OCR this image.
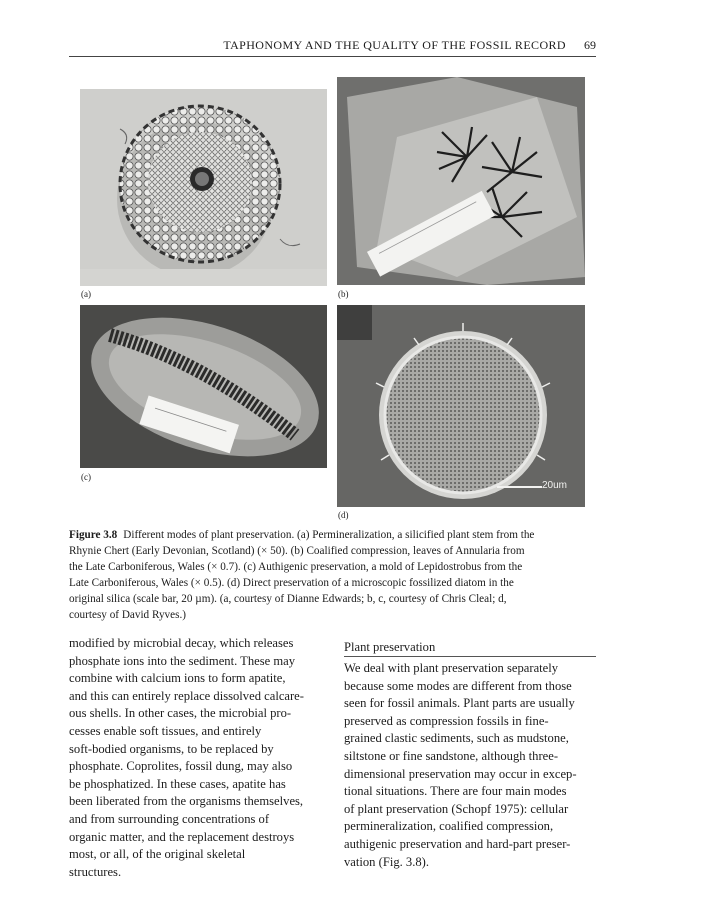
TAPHONOMY AND THE QUALITY OF THE FOSSIL RECORD 69
(a)	(b)
(c)
20um
(d)
Figure 3.8 Different modes of plant preservation. (a) Permineralization, a silicified plant stem from the
Rhynie Chert (Early Devonian, Scotland) (× 50). (b) Coalified compression, leaves of Annularia from
the Late Carboniferous, Wales (× 0.7). (c) Authigenic preservation, a mold of Lepidostrobus from the
Late Carboniferous, Wales (× 0.5). (d) Direct preservation of a microscopic fossilized diatom in the
original silica (scale bar, 20 µm). (a, courtesy of Dianne Edwards; b, c, courtesy of Chris Cleal; d,
courtesy of David Ryves.)
modified by microbial decay, which releases
phosphate ions into the sediment. These may
combine with calcium ions to form apatite,
and this can entirely replace dissolved calcare-
ous shells. In other cases, the microbial pro-
cesses enable soft tissues, and entirely
soft-bodied organisms, to be replaced by
phosphate. Coprolites, fossil dung, may also
be phosphatized. In these cases, apatite has
been liberated from the organisms themselves,
and from surrounding concentrations of
organic matter, and the replacement destroys
most, or all, of the original skeletal
structures.
Plant preservation
We deal with plant preservation separately
because some modes are different from those
seen for fossil animals. Plant parts are usually
preserved as compression fossils in fine-
grained clastic sediments, such as mudstone,
siltstone or fine sandstone, although three-
dimensional preservation may occur in excep-
tional situations. There are four main modes
of plant preservation (Schopf 1975): cellular
permineralization, coalified compression,
authigenic preservation and hard-part preser-
vation (Fig. 3.8).
